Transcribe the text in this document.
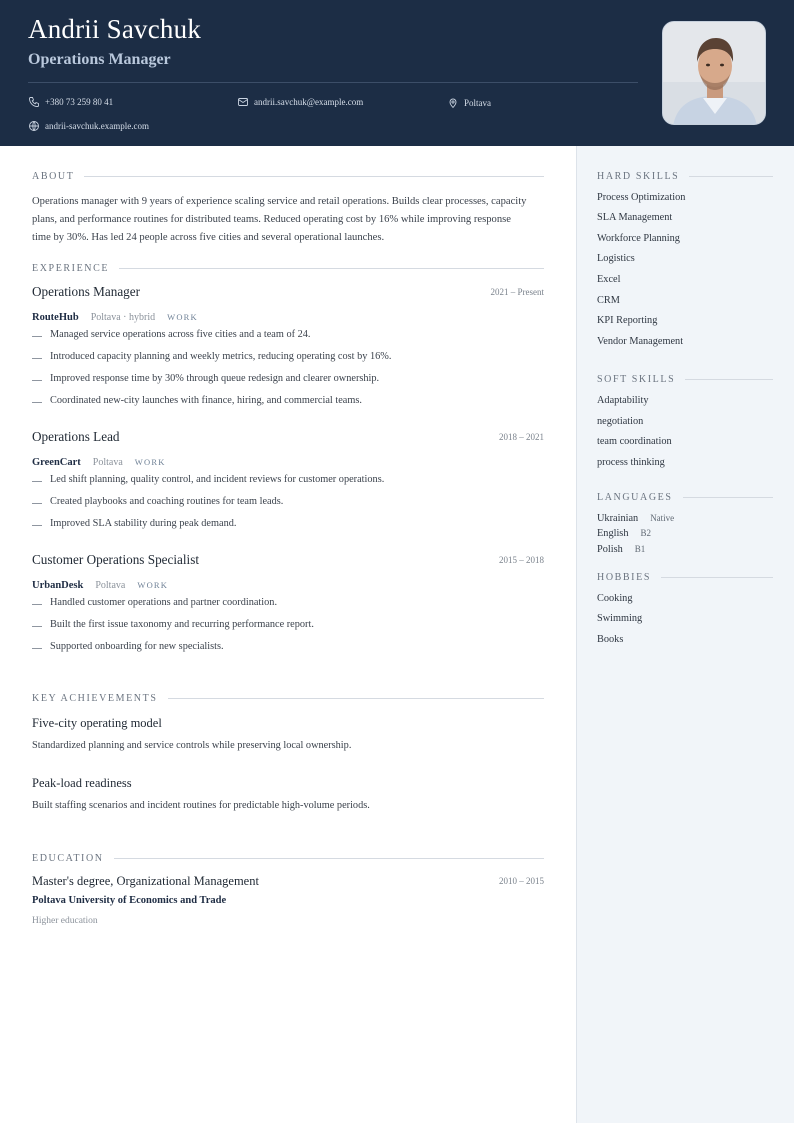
Andrii Savchuk
Operations Manager
+380 73 259 80 41	andrii.savchuk@example.com	Poltava
andrii-savchuk.example.com
ABOUT
Operations manager with 9 years of experience scaling service and retail operations. Builds clear processes, capacity
plans, and performance routines for distributed teams. Reduced operating cost by 16% while improving response
time by 30%. Has led 24 people across five cities and several operational launches.
EXPERIENCE
Operations Manager	2021 – Present
RouteHub Poltava · hybrid WORK
Managed service operations across five cities and a team of 24.
Introduced capacity planning and weekly metrics, reducing operating cost by 16%.
Improved response time by 30% through queue redesign and clearer ownership.
Coordinated new-city launches with finance, hiring, and commercial teams.
Operations Lead	2018 – 2021
GreenCart Poltava WORK
Led shift planning, quality control, and incident reviews for customer operations.
Created playbooks and coaching routines for team leads.
Improved SLA stability during peak demand.
Customer Operations Specialist	2015 – 2018
UrbanDesk Poltava WORK
Handled customer operations and partner coordination.
Built the first issue taxonomy and recurring performance report.
Supported onboarding for new specialists.
KEY ACHIEVEMENTS
Five-city operating model
Standardized planning and service controls while preserving local ownership.
Peak-load readiness
Built staffing scenarios and incident routines for predictable high-volume periods.
EDUCATION
Master's degree, Organizational Management	2010 – 2015
Poltava University of Economics and Trade
Higher education
HARD SKILLS
Process Optimization
SLA Management
Workforce Planning
Logistics
Excel
CRM
KPI Reporting
Vendor Management
SOFT SKILLS
Adaptability
negotiation
team coordination
process thinking
LANGUAGES
Ukrainian Native
English B2
Polish B1
HOBBIES
Cooking
Swimming
Books
